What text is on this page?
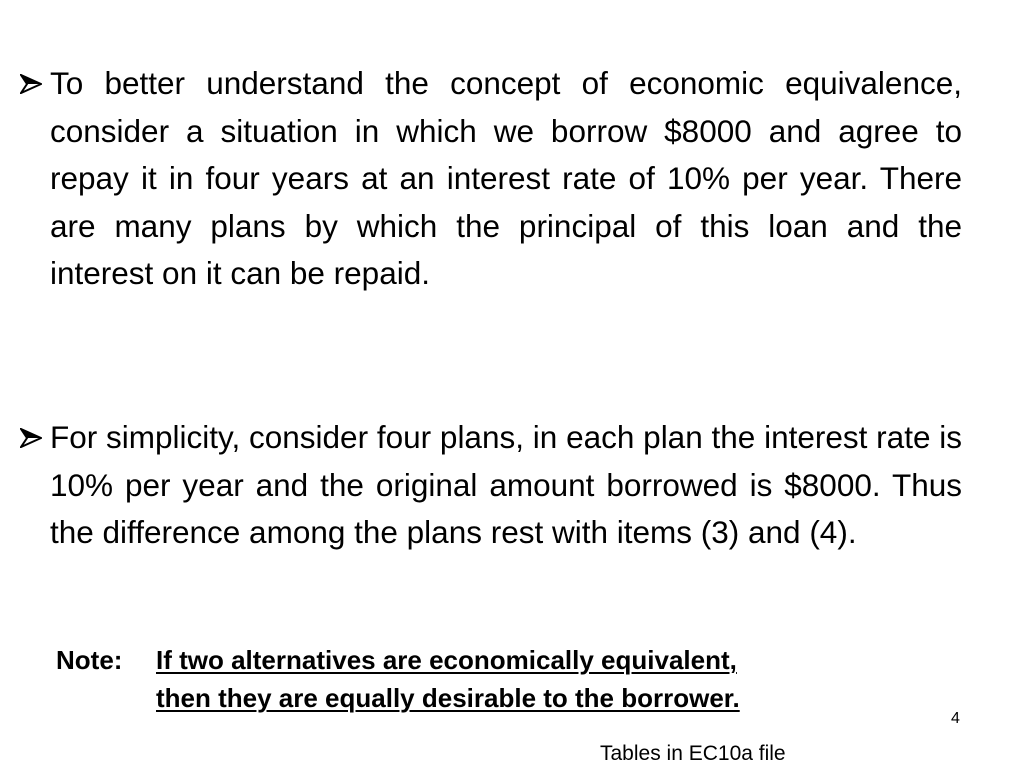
To better understand the concept of economic equivalence, consider a situation in which we borrow $8000 and agree to repay it in four years at an interest rate of 10% per year. There are many plans by which the principal of this loan and the interest on it can be repaid.
For simplicity, consider four plans, in each plan the interest rate is 10% per year and the original amount borrowed is $8000. Thus the difference among the plans rest with items (3) and (4).
Note: If two alternatives are economically equivalent,
then they are equally desirable to the borrower.
4
Tables in EC10a file
